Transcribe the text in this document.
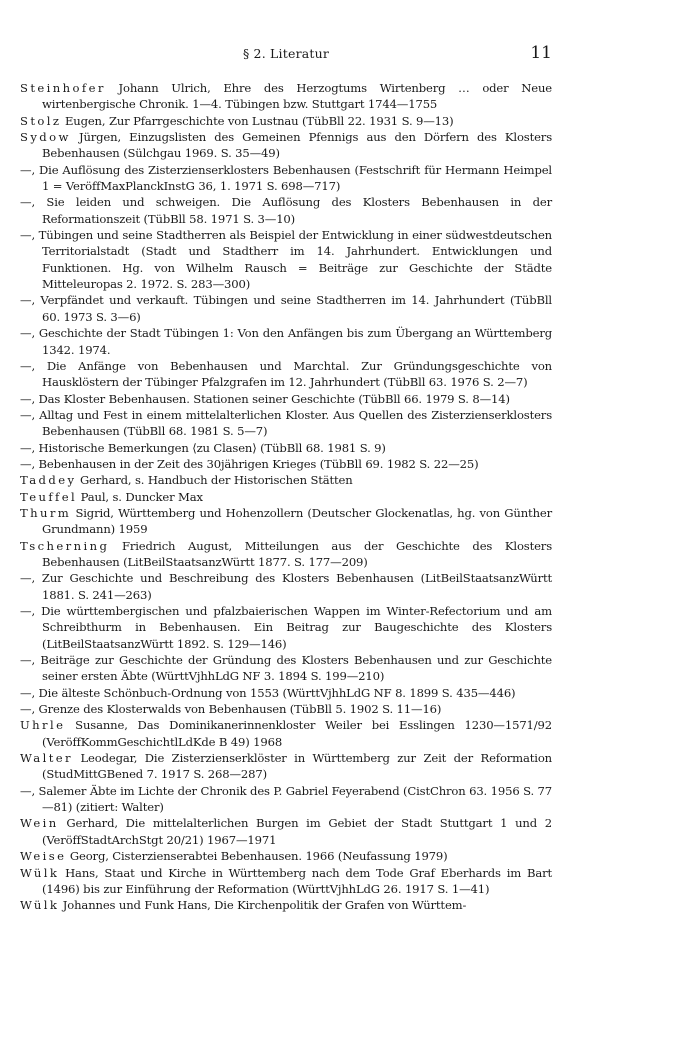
§ 2. Literatur	11
Steinhofer Johann Ulrich, Ehre des Herzogtums Wirtenberg … oder Neue wirtenbergische Chronik. 1—4. Tübingen bzw. Stuttgart 1744—1755
Stolz Eugen, Zur Pfarrgeschichte von Lustnau (TübBll 22. 1931 S. 9—13)
Sydow Jürgen, Einzugslisten des Gemeinen Pfennigs aus den Dörfern des Klosters Bebenhausen (Sülchgau 1969. S. 35—49)
—, Die Auflösung des Zisterzienserklosters Bebenhausen (Festschrift für Hermann Heimpel 1 = VeröffMaxPlanckInstG 36, 1. 1971 S. 698—717)
—, Sie leiden und schweigen. Die Auflösung des Klosters Bebenhausen in der Reformationszeit (TübBll 58. 1971 S. 3—10)
—, Tübingen und seine Stadtherren als Beispiel der Entwicklung in einer südwestdeutschen Territorialstadt (Stadt und Stadtherr im 14. Jahrhundert. Entwicklungen und Funktionen. Hg. von Wilhelm Rausch = Beiträge zur Geschichte der Städte Mitteleuropas 2. 1972. S. 283—300)
—, Verpfändet und verkauft. Tübingen und seine Stadtherren im 14. Jahrhundert (TübBll 60. 1973 S. 3—6)
—, Geschichte der Stadt Tübingen 1: Von den Anfängen bis zum Übergang an Württemberg 1342. 1974.
—, Die Anfänge von Bebenhausen und Marchtal. Zur Gründungsgeschichte von Hausklöstern der Tübinger Pfalzgrafen im 12. Jahrhundert (TübBll 63. 1976 S. 2—7)
—, Das Kloster Bebenhausen. Stationen seiner Geschichte (TübBll 66. 1979 S. 8—14)
—, Alltag und Fest in einem mittelalterlichen Kloster. Aus Quellen des Zisterzienserklosters Bebenhausen (TübBll 68. 1981 S. 5—7)
—, Historische Bemerkungen ⟨zu Clasen⟩ (TübBll 68. 1981 S. 9)
—, Bebenhausen in der Zeit des 30jährigen Krieges (TübBll 69. 1982 S. 22—25)
Taddey Gerhard, s. Handbuch der Historischen Stätten
Teuffel Paul, s. Duncker Max
Thurm Sigrid, Württemberg und Hohenzollern (Deutscher Glockenatlas, hg. von Günther Grundmann) 1959
Tscherning Friedrich August, Mitteilungen aus der Geschichte des Klosters Bebenhausen (LitBeilStaatsanzWürtt 1877. S. 177—209)
—, Zur Geschichte und Beschreibung des Klosters Bebenhausen (LitBeilStaatsanzWürtt 1881. S. 241—263)
—, Die württembergischen und pfalzbaierischen Wappen im Winter-Refectorium und am Schreibthurm in Bebenhausen. Ein Beitrag zur Baugeschichte des Klosters (LitBeilStaatsanzWürtt 1892. S. 129—146)
—, Beiträge zur Geschichte der Gründung des Klosters Bebenhausen und zur Geschichte seiner ersten Äbte (WürttVjhhLdG NF 3. 1894 S. 199—210)
—, Die älteste Schönbuch-Ordnung von 1553 (WürttVjhhLdG NF 8. 1899 S. 435—446)
—, Grenze des Klosterwalds von Bebenhausen (TübBll 5. 1902 S. 11—16)
Uhrle Susanne, Das Dominikanerinnenkloster Weiler bei Esslingen 1230—1571/92 (VeröffKommGeschichtlLdKde B 49) 1968
Walter Leodegar, Die Zisterzienserklöster in Württemberg zur Zeit der Reformation (StudMittGBened 7. 1917 S. 268—287)
—, Salemer Äbte im Lichte der Chronik des P. Gabriel Feyerabend (CistChron 63. 1956 S. 77—81) (zitiert: Walter)
Wein Gerhard, Die mittelalterlichen Burgen im Gebiet der Stadt Stuttgart 1 und 2 (VeröffStadtArchStgt 20/21) 1967—1971
Weise Georg, Cisterzienserabtei Bebenhausen. 1966 (Neufassung 1979)
Wülk Hans, Staat und Kirche in Württemberg nach dem Tode Graf Eberhards im Bart (1496) bis zur Einführung der Reformation (WürttVjhhLdG 26. 1917 S. 1—41)
Wülk Johannes und Funk Hans, Die Kirchenpolitik der Grafen von Württem-
